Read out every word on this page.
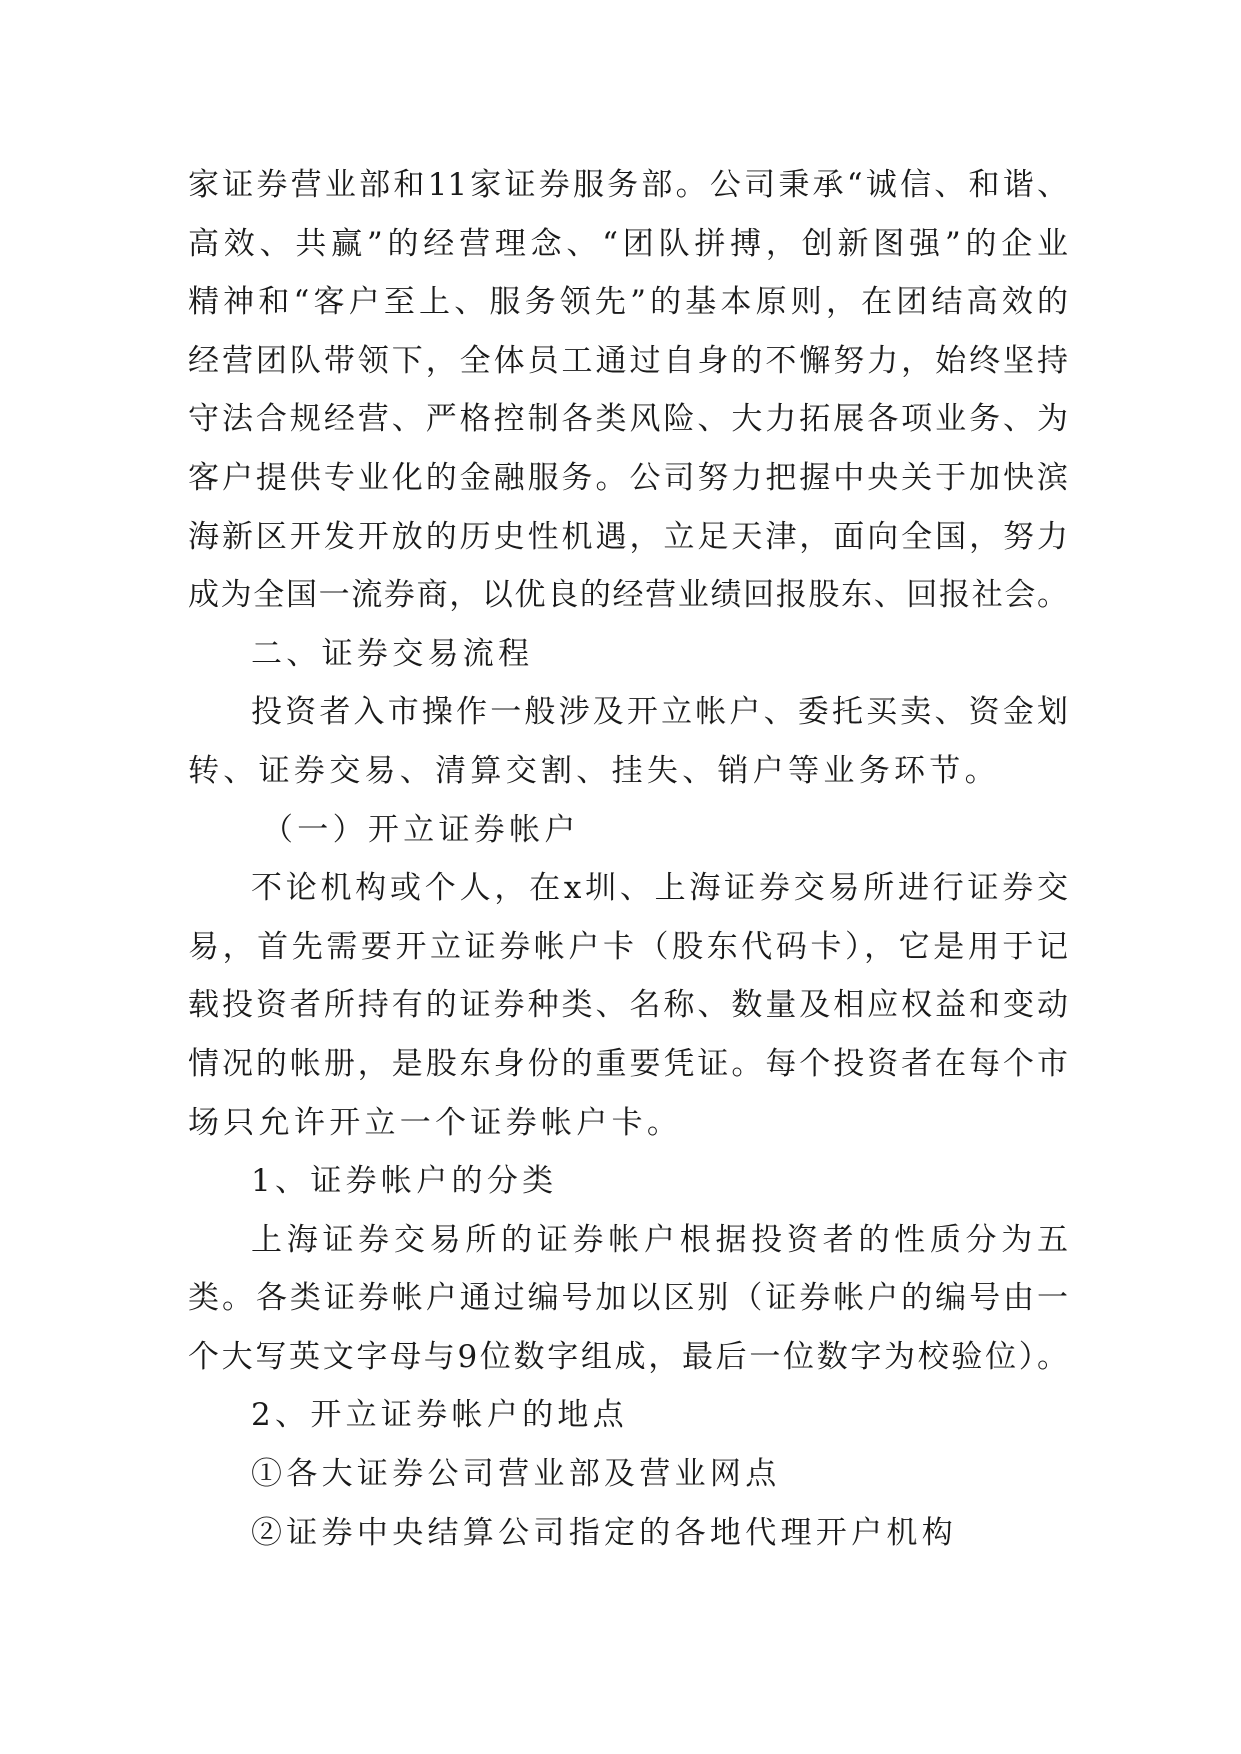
家证券营业部和11家证券服务部。公司秉承“诚信、和谐、
高效、共赢”的经营理念、“团队拼搏，创新图强”的企业
精神和“客户至上、服务领先”的基本原则，在团结高效的
经营团队带领下，全体员工通过自身的不懈努力，始终坚持
守法合规经营、严格控制各类风险、大力拓展各项业务、为
客户提供专业化的金融服务。公司努力把握中央关于加快滨
海新区开发开放的历史性机遇，立足天津，面向全国，努力
成为全国一流券商，以优良的经营业绩回报股东、回报社会。
二、证券交易流程
投资者入市操作一般涉及开立帐户、委托买卖、资金划
转、证券交易、清算交割、挂失、销户等业务环节。
（一）开立证券帐户
不论机构或个人，在x圳、上海证券交易所进行证券交
易，首先需要开立证券帐户卡（股东代码卡），它是用于记
载投资者所持有的证券种类、名称、数量及相应权益和变动
情况的帐册，是股东身份的重要凭证。每个投资者在每个市
场只允许开立一个证券帐户卡。
1、证券帐户的分类
上海证券交易所的证券帐户根据投资者的性质分为五
类。各类证券帐户通过编号加以区别（证券帐户的编号由一
个大写英文字母与9位数字组成，最后一位数字为校验位）。
2、开立证券帐户的地点
①各大证券公司营业部及营业网点
②证券中央结算公司指定的各地代理开户机构
